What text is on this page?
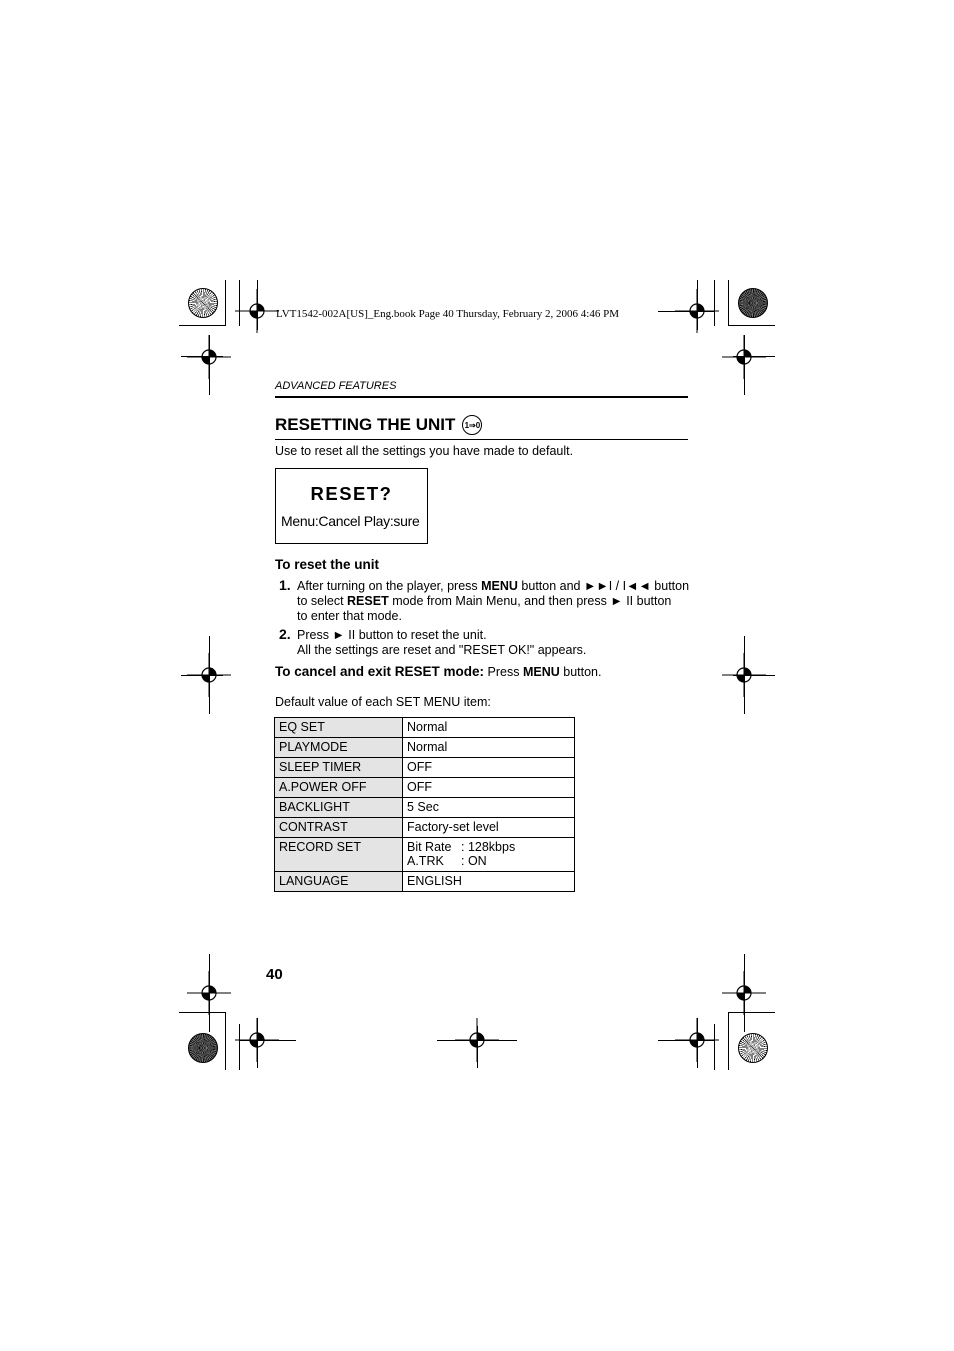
LVT1542-002A[US]_Eng.book Page 40 Thursday, February 2, 2006 4:46 PM
ADVANCED FEATURES
RESETTING THE UNIT 1⇒0
Use to reset all the settings you have made to default.
RESET?
Menu:Cancel Play:sure
To reset the unit
1. After turning on the player, press MENU button and ►►I / I◄◄ button
to select RESET mode from Main Menu, and then press ► II button
to enter that mode.
2. Press ► II button to reset the unit.
All the settings are reset and "RESET OK!" appears.
To cancel and exit RESET mode: Press MENU button.
Default value of each SET MENU item:
EQ SET	Normal
PLAYMODE	Normal
SLEEP TIMER	OFF
A.POWER OFF	OFF
BACKLIGHT	5 Sec
CONTRAST	Factory-set level
RECORD SET	Bit Rate : 128kbps
A.TRK : ON

LANGUAGE	ENGLISH
40
